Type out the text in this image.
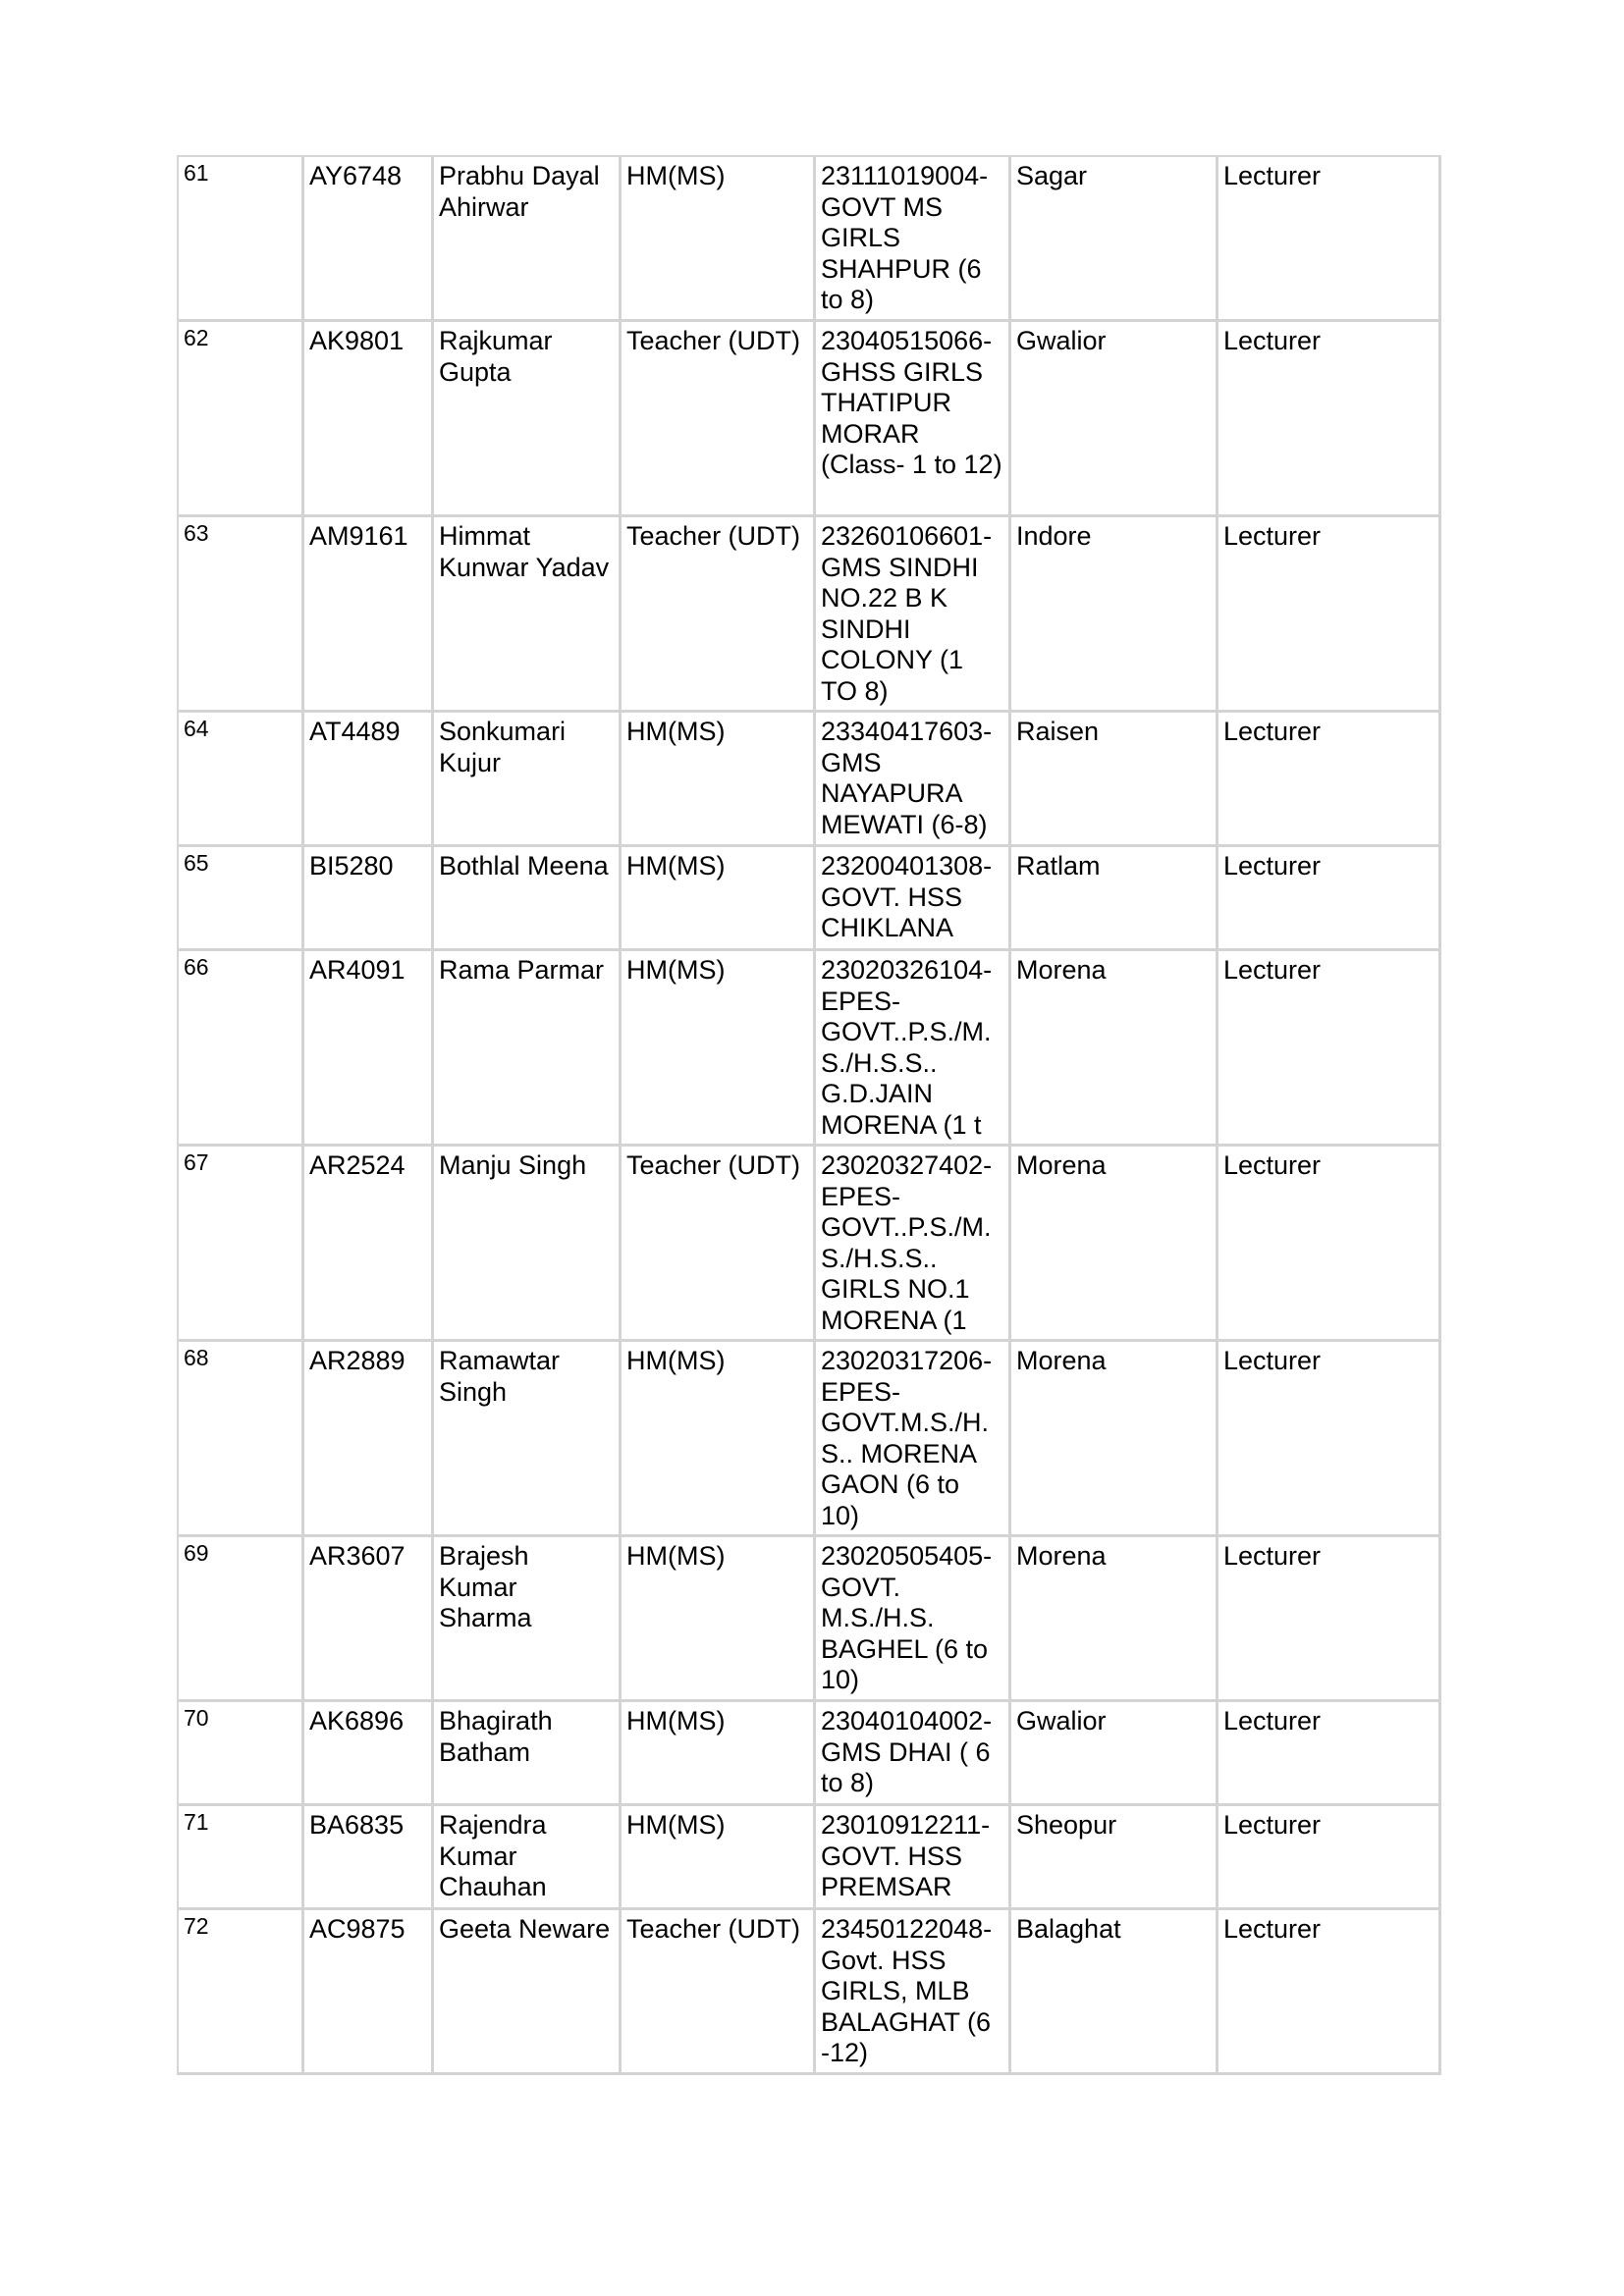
61	AY6748	Prabhu Dayal Ahirwar	HM(MS)	23111019004-GOVT MS GIRLS SHAHPUR (6 to 8)	Sagar	Lecturer
62	AK9801	Rajkumar Gupta	Teacher (UDT)	23040515066-GHSS GIRLS THATIPUR MORAR (Class- 1 to 12)	Gwalior	Lecturer
63	AM9161	Himmat Kunwar Yadav	Teacher (UDT)	23260106601-GMS SINDHI NO.22 B K SINDHI COLONY (1 TO 8)	Indore	Lecturer
64	AT4489	Sonkumari Kujur	HM(MS)	23340417603-GMS NAYAPURA MEWATI (6-8)	Raisen	Lecturer
65	BI5280	Bothlal Meena	HM(MS)	23200401308-GOVT. HSS CHIKLANA	Ratlam	Lecturer
66	AR4091	Rama Parmar	HM(MS)	23020326104-EPES-GOVT..P.S./M.S./H.S.S.. G.D.JAIN MORENA (1 t	Morena	Lecturer
67	AR2524	Manju Singh	Teacher (UDT)	23020327402-EPES-GOVT..P.S./M.S./H.S.S.. GIRLS NO.1 MORENA (1	Morena	Lecturer
68	AR2889	Ramawtar Singh	HM(MS)	23020317206-EPES-GOVT.M.S./H.S.. MORENA GAON (6 to 10)	Morena	Lecturer
69	AR3607	Brajesh Kumar Sharma	HM(MS)	23020505405-GOVT. M.S./H.S. BAGHEL (6 to 10)	Morena	Lecturer
70	AK6896	Bhagirath Batham	HM(MS)	23040104002-GMS DHAI ( 6 to 8)	Gwalior	Lecturer
71	BA6835	Rajendra Kumar Chauhan	HM(MS)	23010912211-GOVT. HSS PREMSAR	Sheopur	Lecturer
72	AC9875	Geeta Neware	Teacher (UDT)	23450122048-Govt. HSS GIRLS, MLB BALAGHAT (6 -12)	Balaghat	Lecturer
